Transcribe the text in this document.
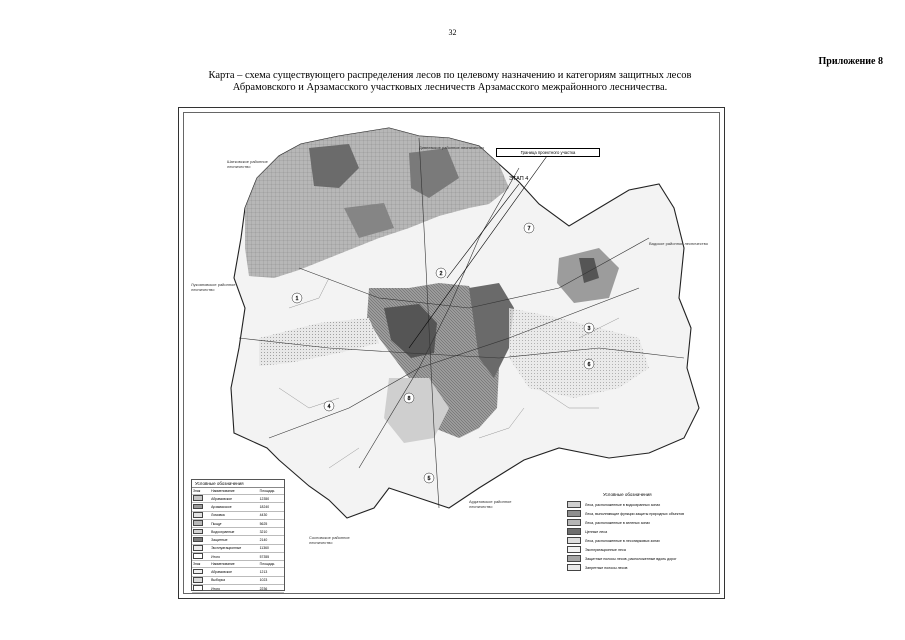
32
Приложение 8
Карта – схема существующего распределения лесов по целевому назначению и категориям защитных лесов
Абрамовского и Арзамасского участковых лесничеств Арзамасского межрайонного лесничества.
1
2
3
4
5
6
7
8
Граница проектного участка
ЭТАП 4
Шатковское районное лесничество
Дивеевское районное лесничество
Вадское районное лесничество
Лукояновское районное лесничество
Ардатовское районное лесничество
Сосновское районное лесничество
Условные обозначения
Знак	Наименование	Площадь
	Абрамовское	12350
	Арзамасское	18240
	Ломовка	4430
	Пыщуг	5625
	Водоохранные	3210
	Защитные	2140
	Эксплуатационные	11360
	Итого	57355
Знак	Наименование	Площадь
	Абрамовское	1213
	Выборка	1023
	Итого	2236
Условные обозначения
Леса, расположенные в водоохранных зонах
Леса, выполняющие функции защиты природных объектов
Леса, расположенные в зеленых зонах
Ценные леса
Леса, расположенные в лесопарковых зонах
Эксплуатационные леса
Защитные полосы лесов, расположенные вдоль дорог
Запретные полосы лесов
